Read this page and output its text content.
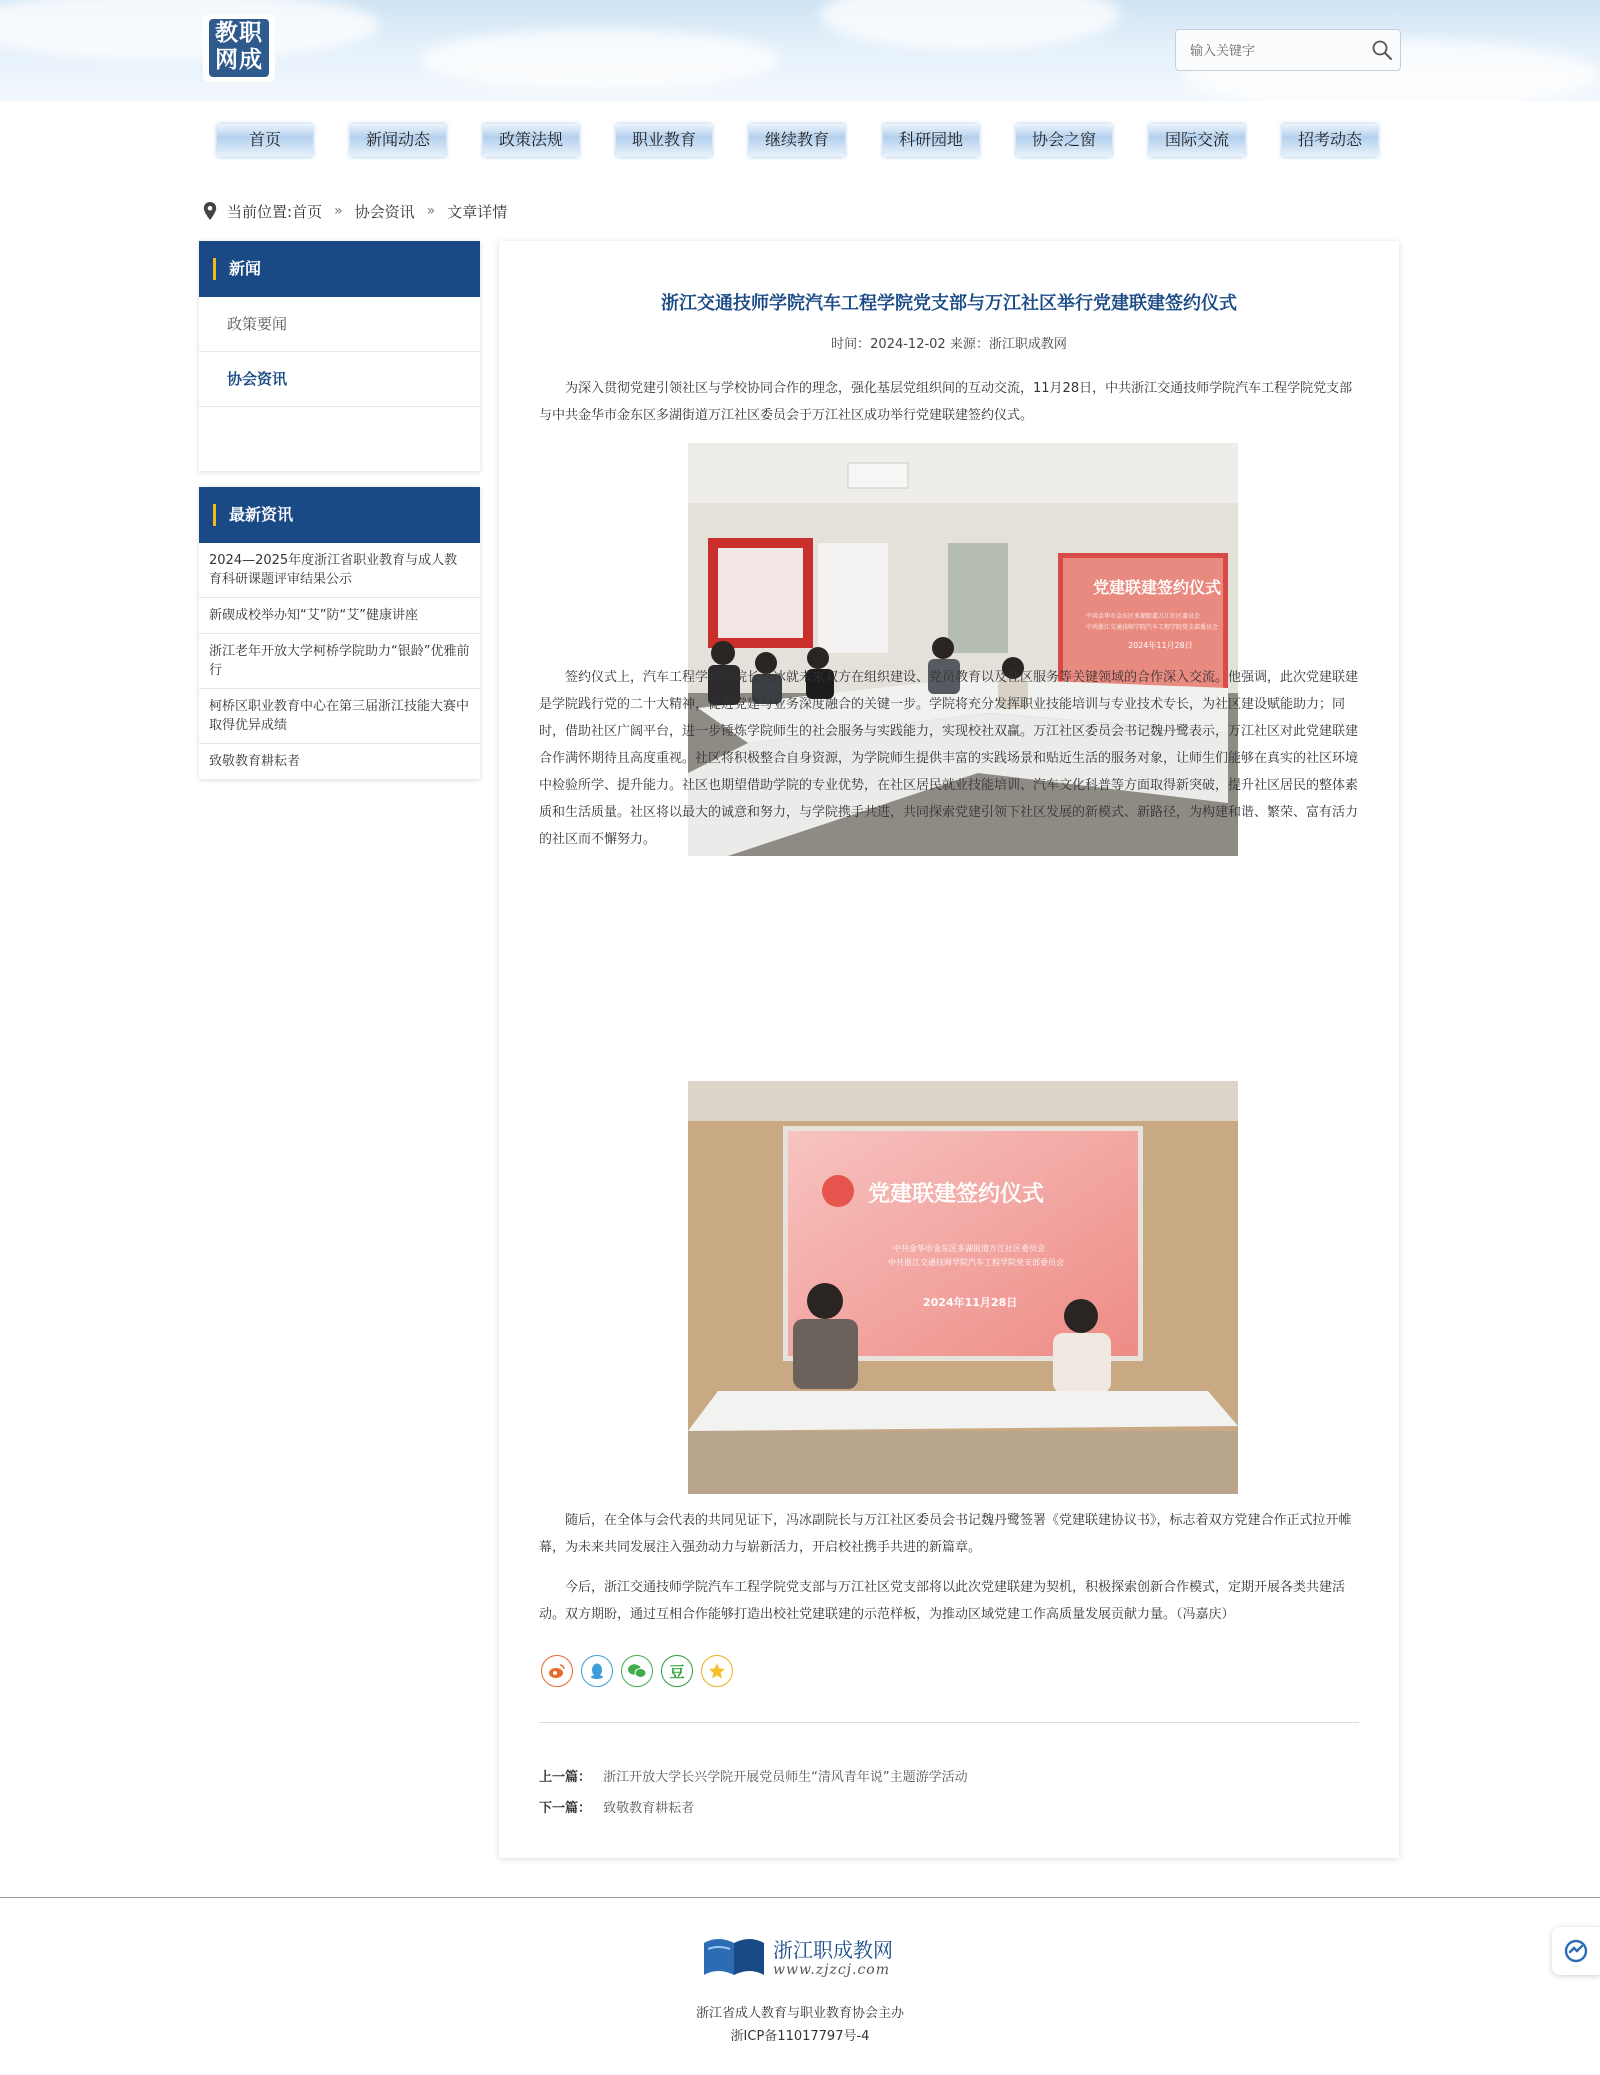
教职
网成
输入关键字
首页	新闻动态	政策法规	职业教育	继续教育	科研园地	协会之窗	国际交流	招考动态
当前位置: 首页 » 协会资讯 » 文章详情
新闻
政策要闻
协会资讯
最新资讯
2024—2025年度浙江省职业教育与成人教育科研课题评审结果公示
新碶成校举办知“艾”防“艾”健康讲座
浙江老年开放大学柯桥学院助力“银龄”优雅前行
柯桥区职业教育中心在第三届浙江技能大赛中取得优异成绩
致敬教育耕耘者
浙江交通技师学院汽车工程学院党支部与万江社区举行党建联建签约仪式
时间：2024-12-02 来源：浙江职成教网

为深入贯彻党建引领社区与学校协同合作的理念，强化基层党组织间的互动交流，11月28日，中共浙江交通技师学院汽车工程学院党支部与中共金华市金东区多湖街道万江社区委员会于万江社区成功举行党建联建签约仪式。

党建联建签约仪式
中共金华市金东区多湖街道万江社区委员会
中共浙江交通技师学院汽车工程学院党支部委员会
2024年11月28日

签约仪式上，汽车工程学院副院长冯冰就未来双方在组织建设、党员教育以及社区服务等关键领域的合作深入交流。他强调，此次党建联建是学院践行党的二十大精神，促进党建与业务深度融合的关键一步。学院将充分发挥职业技能培训与专业技术专长，为社区建设赋能助力；同时，借助社区广阔平台，进一步锤炼学院师生的社会服务与实践能力，实现校社双赢。万江社区委员会书记魏丹鹭表示，万江社区对此党建联建合作满怀期待且高度重视。社区将积极整合自身资源，为学院师生提供丰富的实践场景和贴近生活的服务对象，让师生们能够在真实的社区环境中检验所学、提升能力。社区也期望借助学院的专业优势，在社区居民就业技能培训、汽车文化科普等方面取得新突破，提升社区居民的整体素质和生活质量。社区将以最大的诚意和努力，与学院携手共进，共同探索党建引领下社区发展的新模式、新路径，为构建和谐、繁荣、富有活力的社区而不懈努力。

党建联建签约仪式
中共金华市金东区多湖街道万江社区委员会
中共浙江交通技师学院汽车工程学院党支部委员会
2024年11月28日

随后，在全体与会代表的共同见证下，冯冰副院长与万江社区委员会书记魏丹鹭签署《党建联建协议书》，标志着双方党建合作正式拉开帷幕，为未来共同发展注入强劲动力与崭新活力，开启校社携手共进的新篇章。

今后，浙江交通技师学院汽车工程学院党支部与万江社区党支部将以此次党建联建为契机，积极探索创新合作模式，定期开展各类共建活动。双方期盼，通过互相合作能够打造出校社党建联建的示范样板，为推动区域党建工作高质量发展贡献力量。（冯嘉庆）

豆
上一篇： 浙江开放大学长兴学院开展党员师生“清风青年说”主题游学活动
下一篇： 致敬教育耕耘者
浙江职成教网
www.zjzcj.com
浙江省成人教育与职业教育协会主办
浙ICP备11017797号-4
